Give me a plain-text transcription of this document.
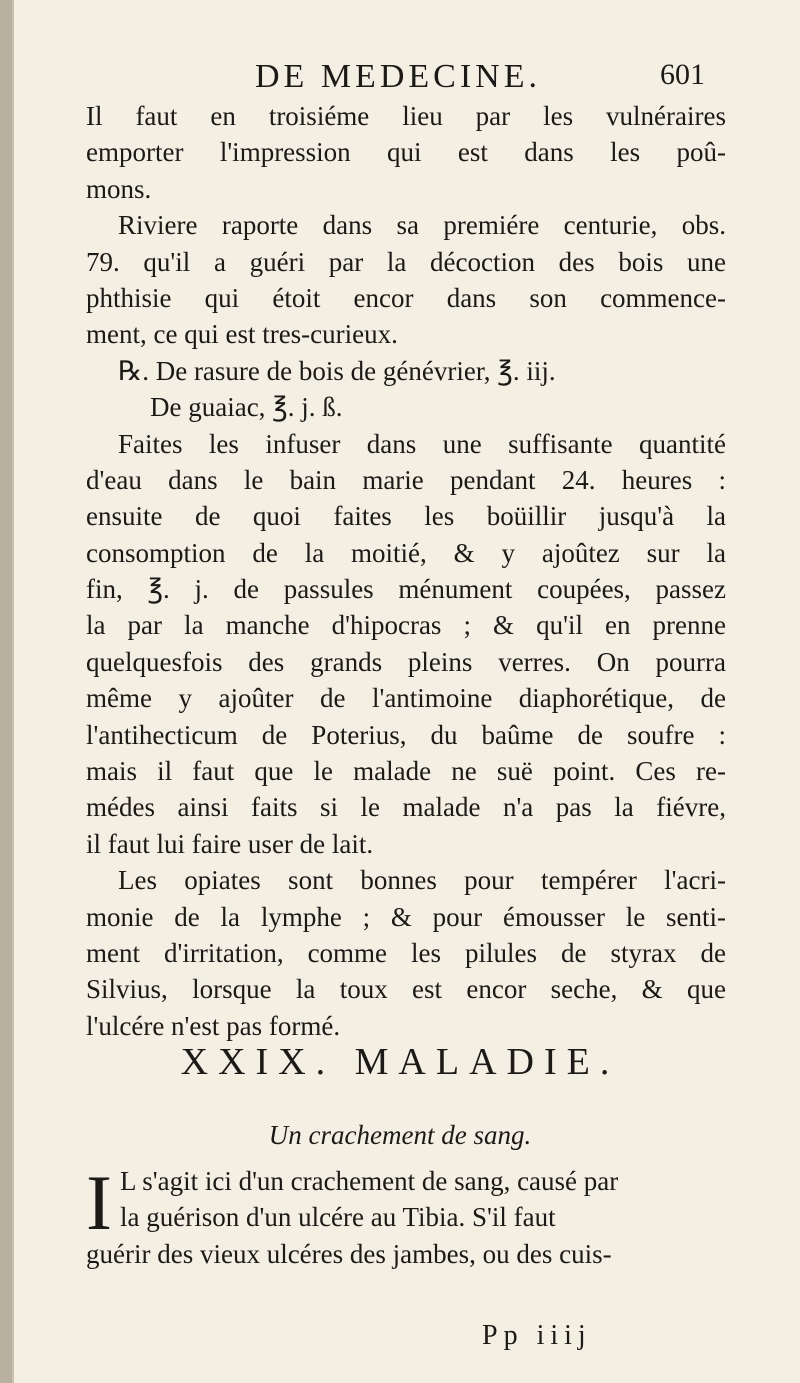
DE MEDECINE.	601
Il faut en troisiéme lieu par les vulnéraires
emporter l'impression qui est dans les poû-
mons.
Riviere raporte dans sa premiére centurie, obs.
79. qu'il a guéri par la décoction des bois une
phthisie qui étoit encor dans son commence-
ment, ce qui est tres-curieux.
℞. De rasure de bois de génévrier, ℥. iij.
De guaiac, ℥. j. ß.
Faites les infuser dans une suffisante quantité
d'eau dans le bain marie pendant 24. heures :
ensuite de quoi faites les boüillir jusqu'à la
consomption de la moitié, & y ajoûtez sur la
fin, ℥. j. de passules ménument coupées, passez
la par la manche d'hipocras ; & qu'il en prenne
quelquesfois des grands pleins verres. On pourra
même y ajoûter de l'antimoine diaphorétique, de
l'antihecticum de Poterius, du baûme de soufre :
mais il faut que le malade ne suë point. Ces re-
médes ainsi faits si le malade n'a pas la fiévre,
il faut lui faire user de lait.
Les opiates sont bonnes pour tempérer l'acri-
monie de la lymphe ; & pour émousser le senti-
ment d'irritation, comme les pilules de styrax de
Silvius, lorsque la toux est encor seche, & que
l'ulcére n'est pas formé.
XXIX. MALADIE.
Un crachement de sang.
I L s'agit ici d'un crachement de sang, causé par
la guérison d'un ulcére au Tibia. S'il faut
guérir des vieux ulcéres des jambes, ou des cuis-
Pp iiij
